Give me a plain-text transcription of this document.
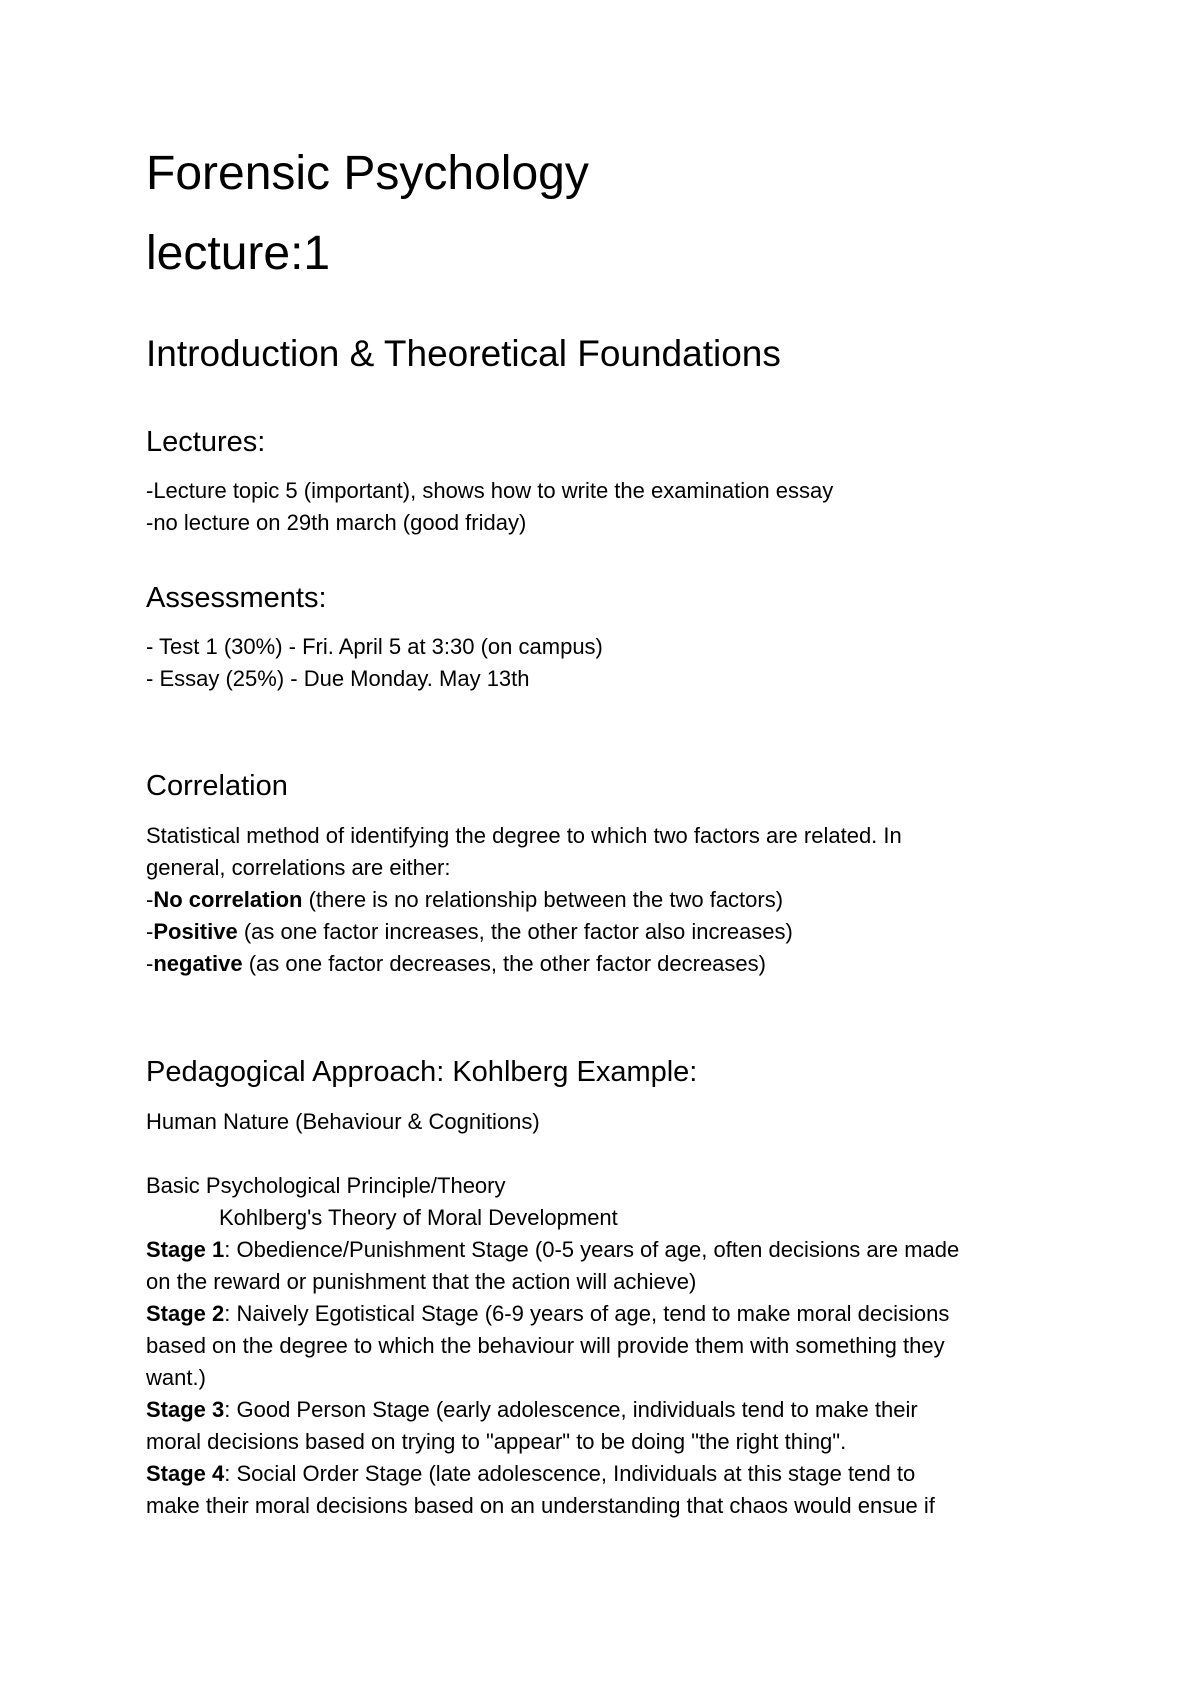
Forensic Psychology
lecture:1
Introduction & Theoretical Foundations
Lectures:
-Lecture topic 5 (important), shows how to write the examination essay
-no lecture on 29th march (good friday)
Assessments:
- Test 1 (30%) - Fri. April 5 at 3:30 (on campus)
- Essay (25%) - Due Monday. May 13th
Correlation
Statistical method of identifying the degree to which two factors are related. In
general, correlations are either:
-No correlation (there is no relationship between the two factors)
-Positive (as one factor increases, the other factor also increases)
-negative (as one factor decreases, the other factor decreases)
Pedagogical Approach: Kohlberg Example:
Human Nature (Behaviour & Cognitions)
Basic Psychological Principle/Theory
Kohlberg's Theory of Moral Development
Stage 1: Obedience/Punishment Stage (0-5 years of age, often decisions are made
on the reward or punishment that the action will achieve)
Stage 2: Naively Egotistical Stage (6-9 years of age, tend to make moral decisions
based on the degree to which the behaviour will provide them with something they
want.)
Stage 3: Good Person Stage (early adolescence, individuals tend to make their
moral decisions based on trying to "appear" to be doing "the right thing".
Stage 4: Social Order Stage (late adolescence, Individuals at this stage tend to
make their moral decisions based on an understanding that chaos would ensue if
